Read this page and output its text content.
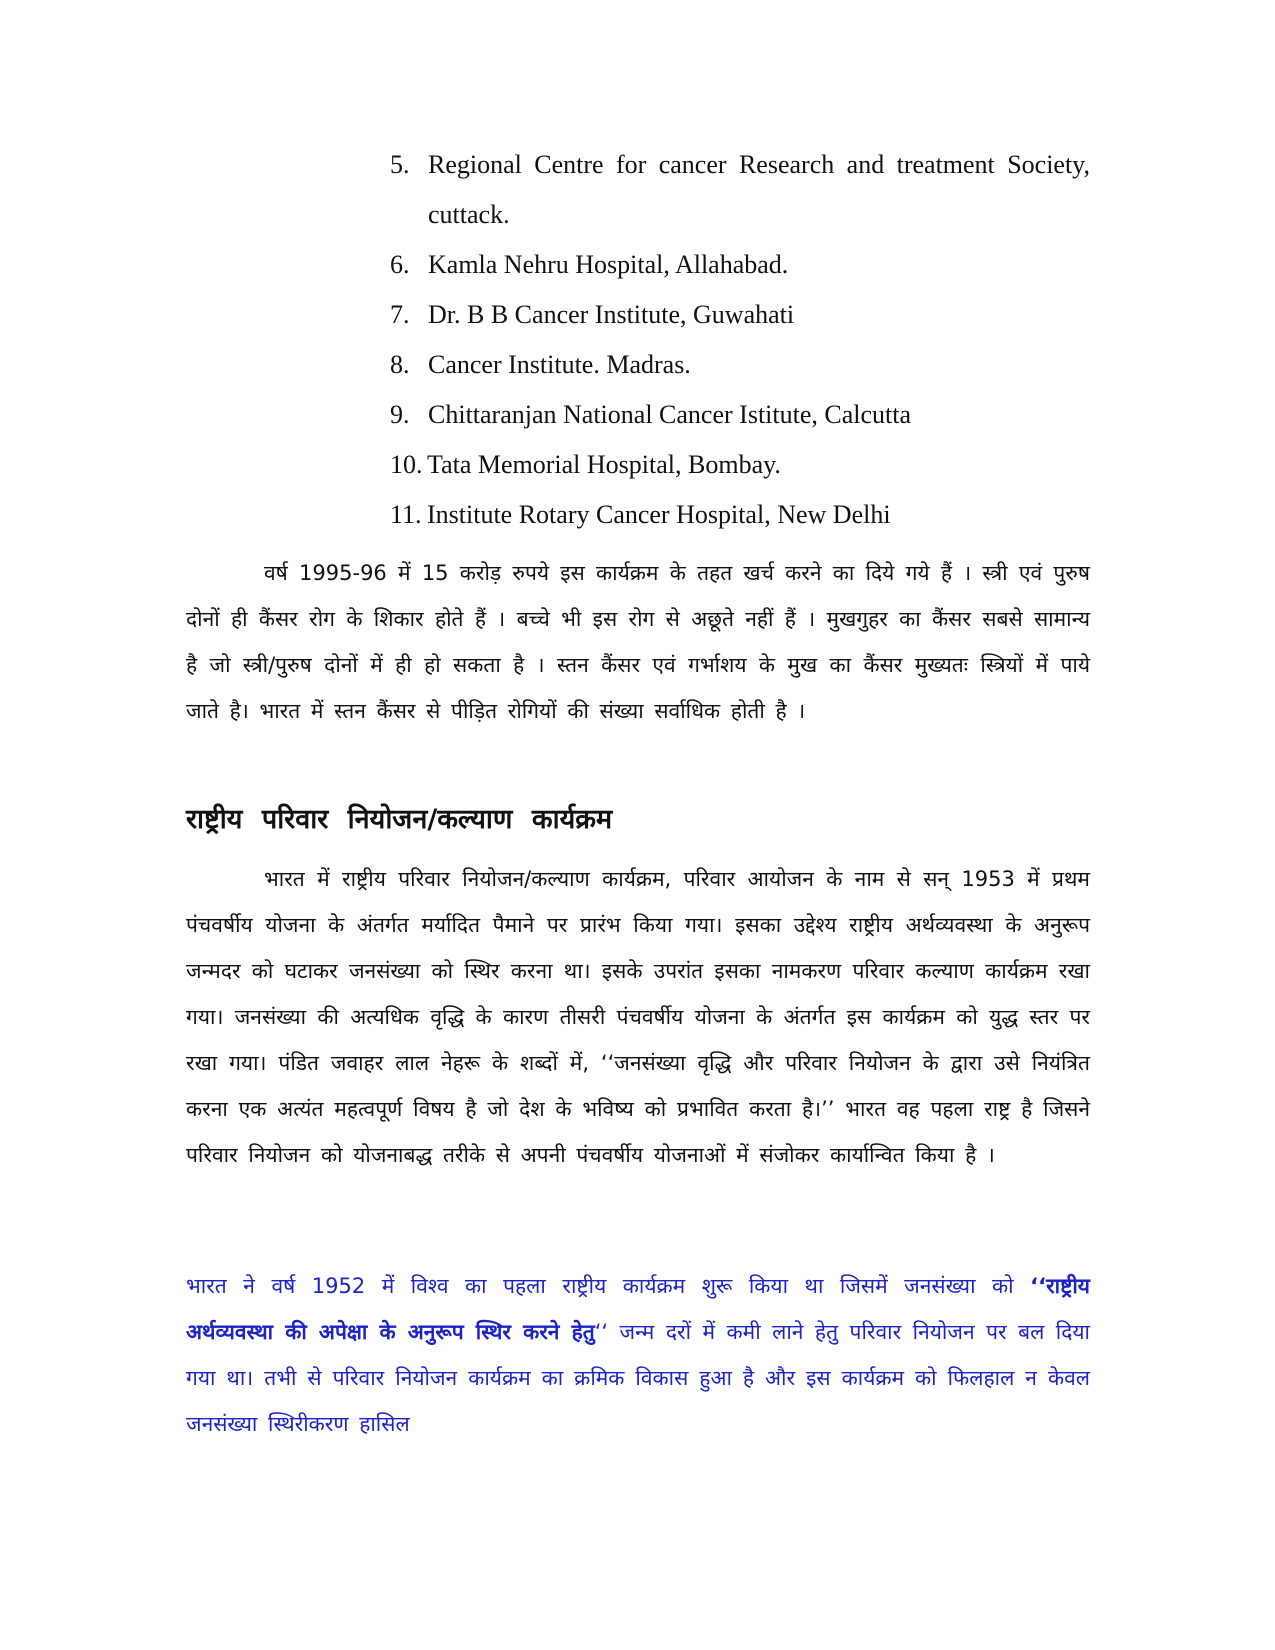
5. Regional Centre for cancer Research and treatment Society, cuttack.
6. Kamla Nehru Hospital, Allahabad.
7. Dr. B B Cancer Institute, Guwahati
8. Cancer Institute. Madras.
9. Chittaranjan National Cancer Istitute, Calcutta
10. Tata Memorial Hospital, Bombay.
11. Institute Rotary Cancer Hospital, New Delhi

वर्ष 1995-96 में 15 करोड़ रुपये इस कार्यक्रम के तहत खर्च करने का दिये गये हैं । स्त्री एवं पुरुष दोनों ही कैंसर रोग के शिकार होते हैं । बच्चे भी इस रोग से अछूते नहीं हैं । मुखगुहर का कैंसर सबसे सामान्य है जो स्त्री/पुरुष दोनों में ही हो सकता है । स्तन कैंसर एवं गर्भाशय के मुख का कैंसर मुख्यतः स्त्रियों में पाये जाते है। भारत में स्तन कैंसर से पीड़ित रोगियों की संख्या सर्वाधिक होती है ।

राष्ट्रीय परिवार नियोजन/कल्याण कार्यक्रम

भारत में राष्ट्रीय परिवार नियोजन/कल्याण कार्यक्रम, परिवार आयोजन के नाम से सन् 1953 में प्रथम पंचवर्षीय योजना के अंतर्गत मर्यादित पैमाने पर प्रारंभ किया गया। इसका उद्देश्य राष्ट्रीय अर्थव्यवस्था के अनुरूप जन्मदर को घटाकर जनसंख्या को स्थिर करना था। इसके उपरांत इसका नामकरण परिवार कल्याण कार्यक्रम रखा गया। जनसंख्या की अत्यधिक वृद्धि के कारण तीसरी पंचवर्षीय योजना के अंतर्गत इस कार्यक्रम को युद्ध स्तर पर रखा गया। पंडित जवाहर लाल नेहरू के शब्दों में, ‘‘जनसंख्या वृद्धि और परिवार नियोजन के द्वारा उसे नियंत्रित करना एक अत्यंत महत्वपूर्ण विषय है जो देश के भविष्य को प्रभावित करता है।’’ भारत वह पहला राष्ट्र है जिसने परिवार नियोजन को योजनाबद्ध तरीके से अपनी पंचवर्षीय योजनाओं में संजोकर कार्यान्वित किया है ।

भारत ने वर्ष 1952 में विश्व का पहला राष्ट्रीय कार्यक्रम शुरू किया था जिसमें जनसंख्या को ‘‘राष्ट्रीय अर्थव्यवस्था की अपेक्षा के अनुरूप स्थिर करने हेतु‘‘ जन्म दरों में कमी लाने हेतु परिवार नियोजन पर बल दिया गया था। तभी से परिवार नियोजन कार्यक्रम का क्रमिक विकास हुआ है और इस कार्यक्रम को फिलहाल न केवल जनसंख्या स्थिरीकरण हासिल
